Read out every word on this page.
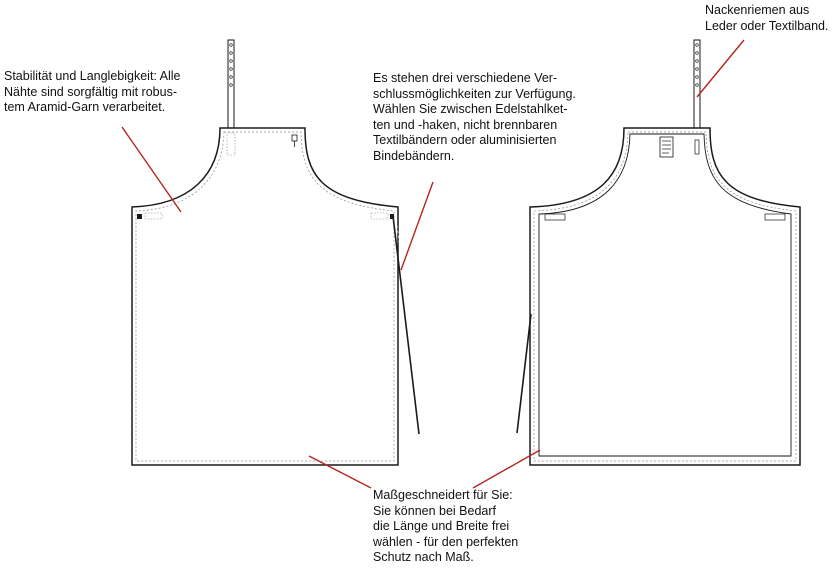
Stabilität und Langlebigkeit: Alle
Nähte sind sorgfältig mit robus-
tem Aramid-Garn verarbeitet.

Es stehen drei verschiedene Ver-
schlussmöglichkeiten zur Verfügung.
Wählen Sie zwischen Edelstahlket-
ten und -haken, nicht brennbaren
Textilbändern oder aluminisierten
Bindebändern.

Nackenriemen aus
Leder oder Textilband.

Maßgeschneidert für Sie:
Sie können bei Bedarf
die Länge und Breite frei
wählen - für den perfekten
Schutz nach Maß.
